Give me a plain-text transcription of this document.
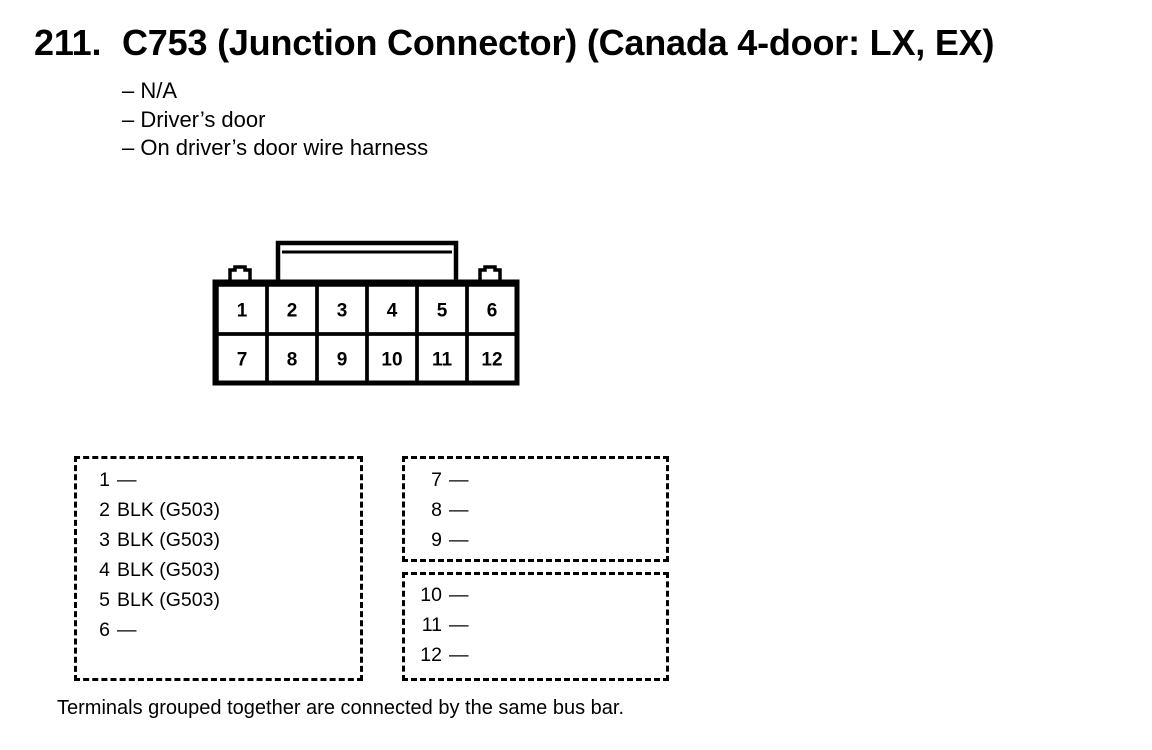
211. C753 (Junction Connector) (Canada 4-door: LX, EX)
– N/A
– Driver’s door
– On driver’s door wire harness
1 2 3 4 5 6
7 8 9 10 11 12
1 —
2 BLK (G503)
3 BLK (G503)
4 BLK (G503)
5 BLK (G503)
6 —
7 —
8 —
9 —
10 —
11 —
12 —
Terminals grouped together are connected by the same bus bar.
